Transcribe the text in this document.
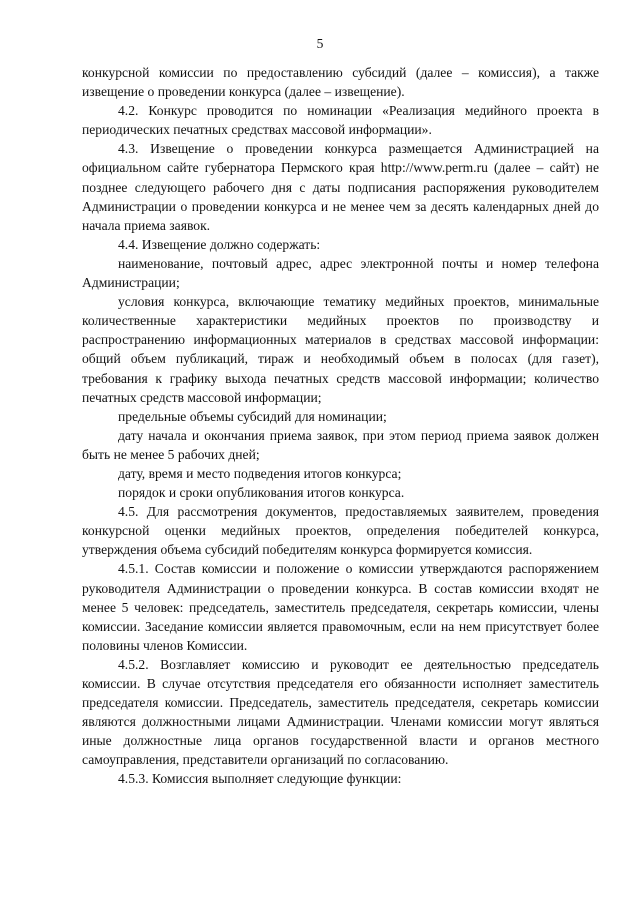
5

конкурсной комиссии по предоставлению субсидий (далее – комиссия), а также извещение о проведении конкурса (далее – извещение).

4.2. Конкурс проводится по номинации «Реализация медийного проекта в периодических печатных средствах массовой информации».

4.3. Извещение о проведении конкурса размещается Администрацией на официальном сайте губернатора Пермского края http://www.perm.ru (далее – сайт) не позднее следующего рабочего дня с даты подписания распоряжения руководителем Администрации о проведении конкурса и не менее чем за десять календарных дней до начала приема заявок.

4.4. Извещение должно содержать:

наименование, почтовый адрес, адрес электронной почты и номер телефона Администрации;

условия конкурса, включающие тематику медийных проектов, минимальные количественные характеристики медийных проектов по производству и распространению информационных материалов в средствах массовой информации: общий объем публикаций, тираж и необходимый объем в полосах (для газет), требования к графику выхода печатных средств массовой информации; количество печатных средств массовой информации;

предельные объемы субсидий для номинации;

дату начала и окончания приема заявок, при этом период приема заявок должен быть не менее 5 рабочих дней;

дату, время и место подведения итогов конкурса;

порядок и сроки опубликования итогов конкурса.

4.5. Для рассмотрения документов, предоставляемых заявителем, проведения конкурсной оценки медийных проектов, определения победителей конкурса, утверждения объема субсидий победителям конкурса формируется комиссия.

4.5.1. Состав комиссии и положение о комиссии утверждаются распоряжением руководителя Администрации о проведении конкурса. В состав комиссии входят не менее 5 человек: председатель, заместитель председателя, секретарь комиссии, члены комиссии. Заседание комиссии является правомочным, если на нем присутствует более половины членов Комиссии.

4.5.2. Возглавляет комиссию и руководит ее деятельностью председатель комиссии. В случае отсутствия председателя его обязанности исполняет заместитель председателя комиссии. Председатель, заместитель председателя, секретарь комиссии являются должностными лицами Администрации. Членами комиссии могут являться иные должностные лица органов государственной власти и органов местного самоуправления, представители организаций по согласованию.

4.5.3. Комиссия выполняет следующие функции:
